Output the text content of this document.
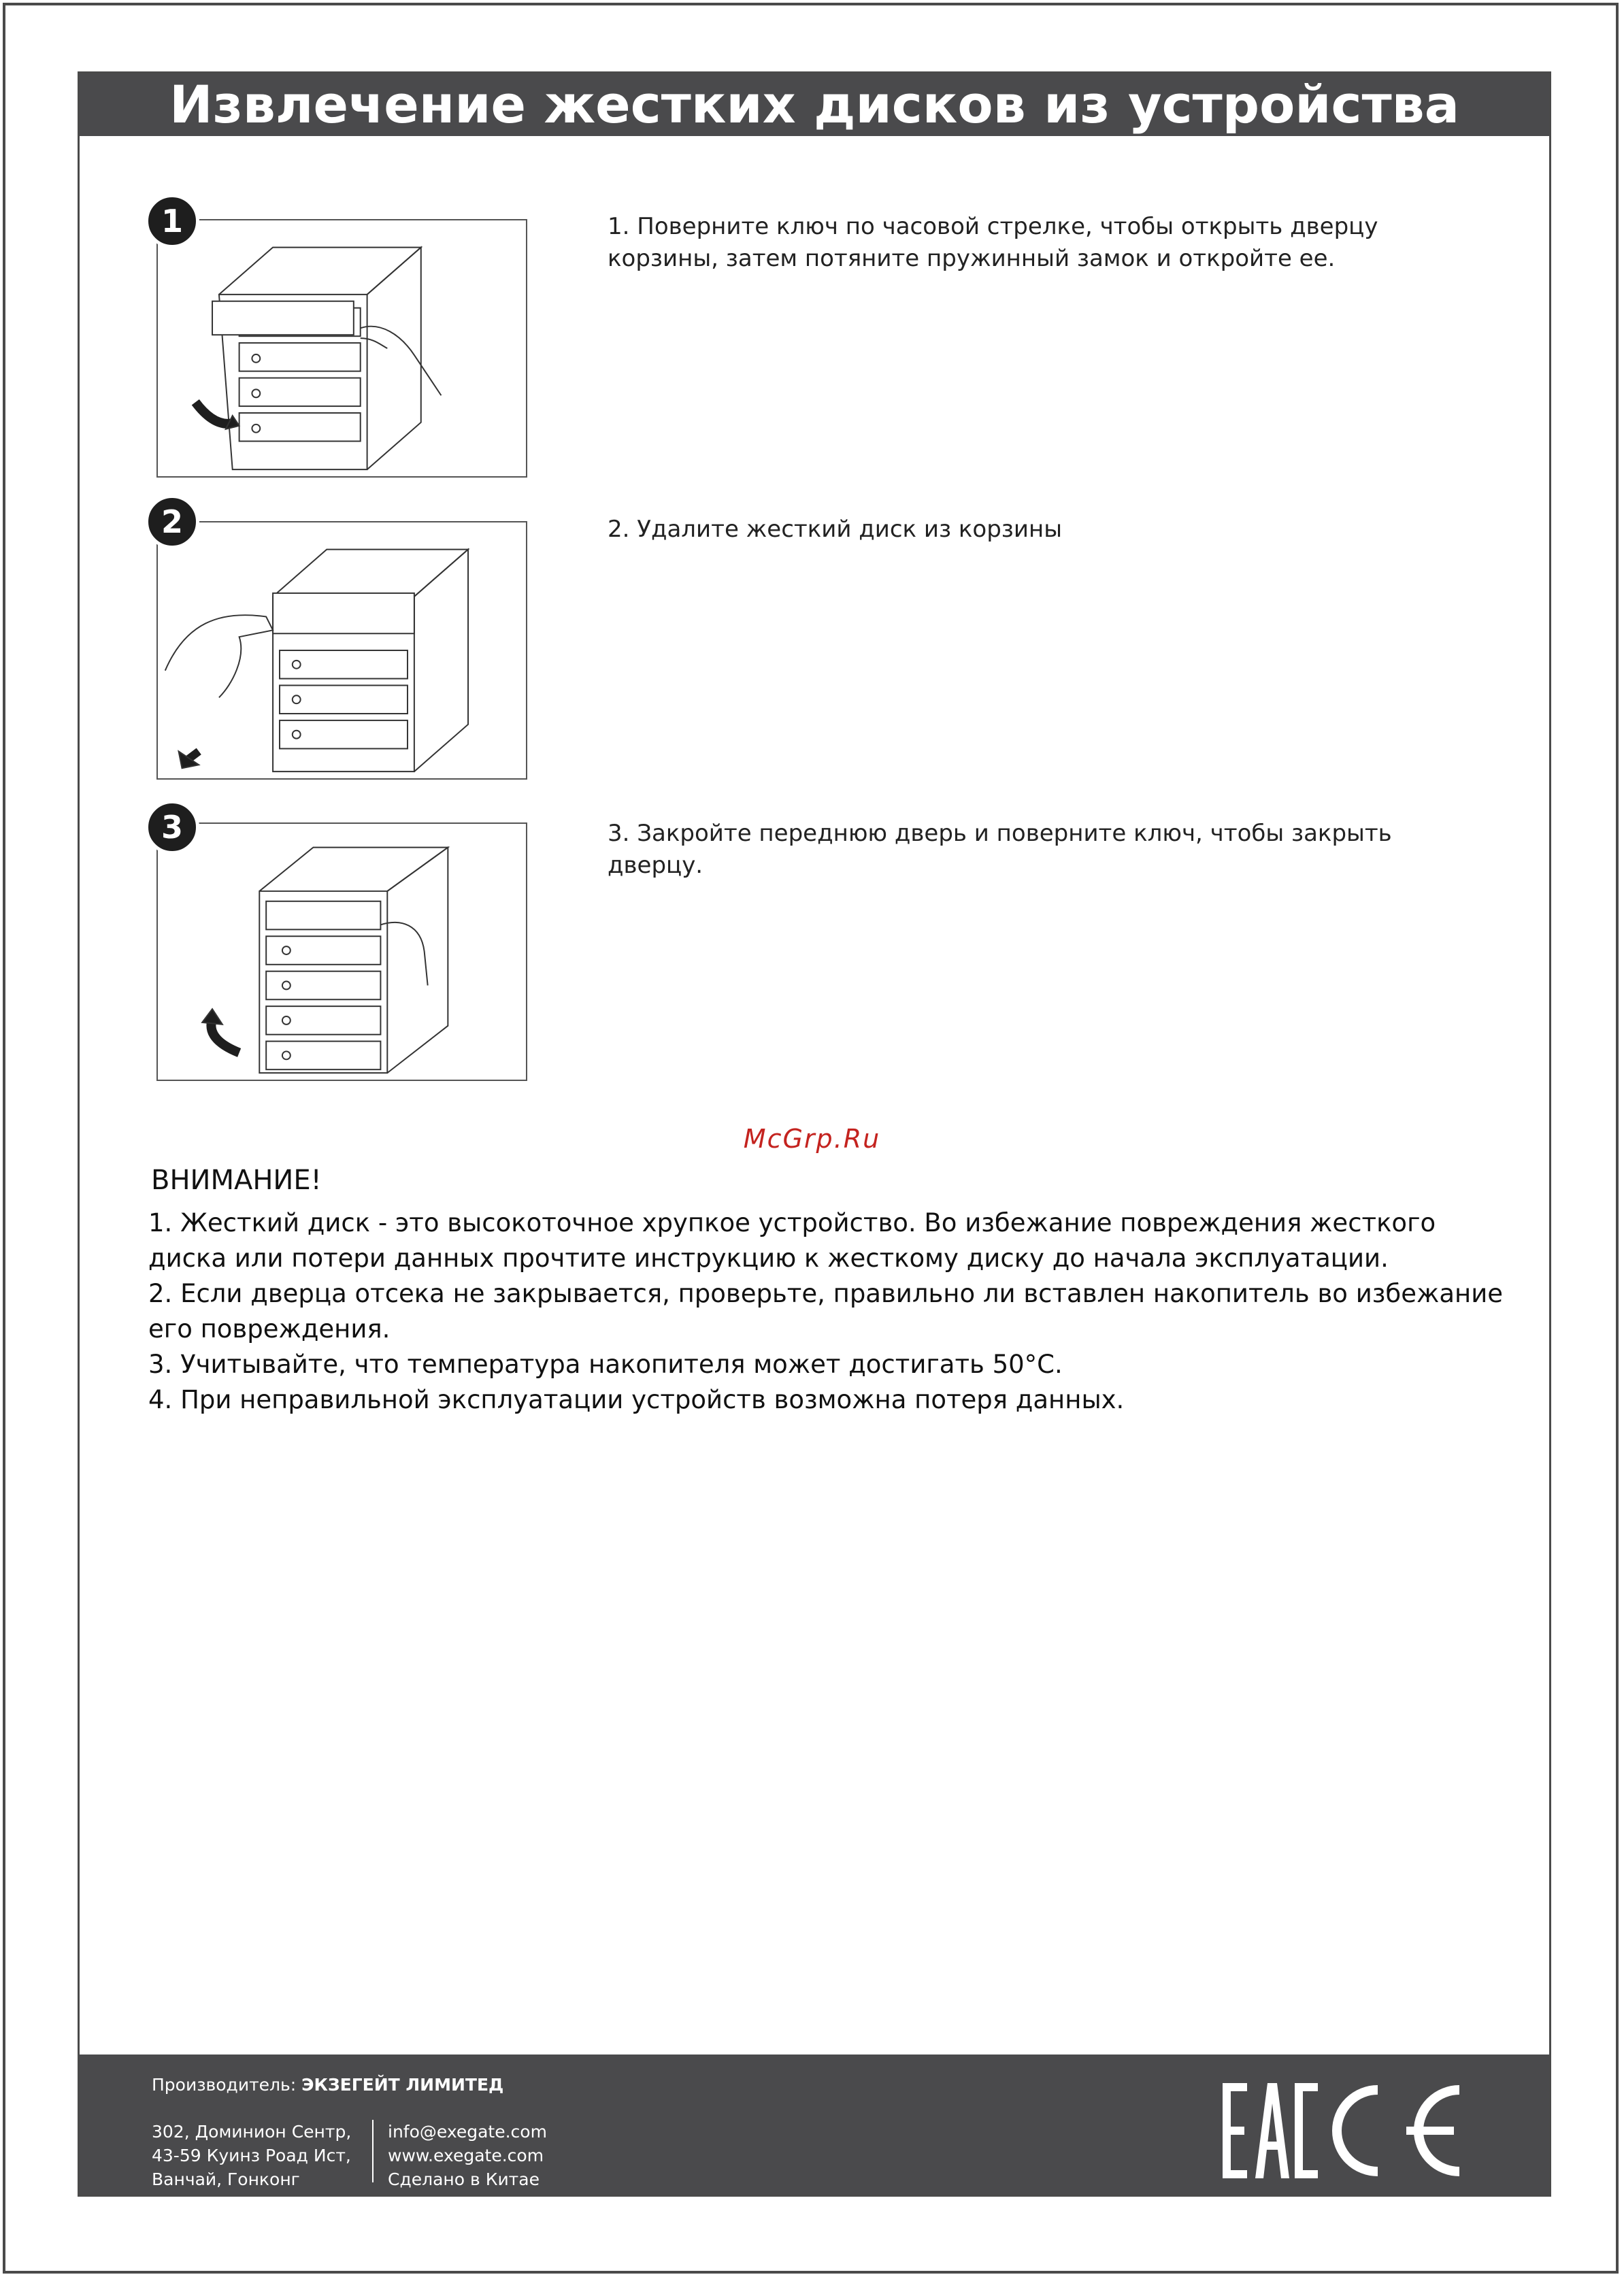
Извлечение жестких дисков из устройства
1	1. Поверните ключ по часовой стрелке, чтобы открыть дверцу корзины, затем потяните пружинный замок и откройте ее.
2	2. Удалите жесткий диск из корзины
3	3. Закройте переднюю дверь и поверните ключ, чтобы закрыть дверцу.
McGrp.Ru
ВНИМАНИЕ!

1. Жесткий диск - это высокоточное хрупкое устройство. Во избежание повреждения жесткого диска или потери данных прочтите инструкцию к жесткому диску до начала эксплуатации.

2. Если дверца отсека не закрывается, проверьте, правильно ли вставлен накопитель во избежание его повреждения.

3. Учитывайте, что температура накопителя может достигать 50°С.

4. При неправильной эксплуатации устройств возможна потеря данных.

Производитель: ЭКЗЕГЕЙТ ЛИМИТЕД
302, Доминион Сентр,
43-59 Куинз Роад Ист,
Ванчай, Гонконг
info@exegate.com
www.exegate.com
Сделано в Китае
